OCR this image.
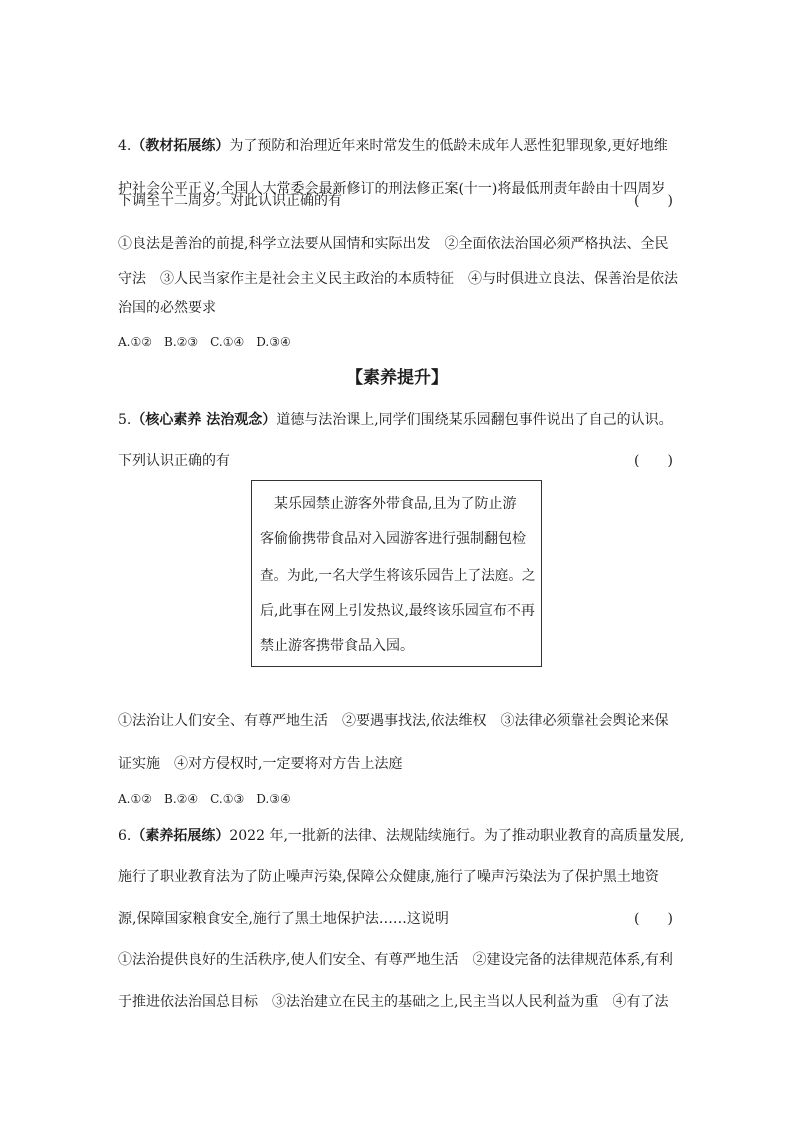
4.（教材拓展练）为了预防和治理近年来时常发生的低龄未成年人恶性犯罪现象,更好地维
护社会公平正义,全国人大常委会最新修订的刑法修正案(十一)将最低刑责年龄由十四周岁
下调至十二周岁。对此认识正确的有	(　　)
①良法是善治的前提,科学立法要从国情和实际出发　②全面依法治国必须严格执法、全民
守法　③人民当家作主是社会主义民主政治的本质特征　④与时俱进立良法、保善治是依法
治国的必然要求
A.①②　B.②③　C.①④　D.③④
【素养提升】
5.（核心素养 法治观念）道德与法治课上,同学们围绕某乐园翻包事件说出了自己的认识。
下列认识正确的有	(　　)
　某乐园禁止游客外带食品,且为了防止游
客偷偷携带食品对入园游客进行强制翻包检
查。为此,一名大学生将该乐园告上了法庭。之
后,此事在网上引发热议,最终该乐园宣布不再
禁止游客携带食品入园。
①法治让人们安全、有尊严地生活　②要遇事找法,依法维权　③法律必须靠社会舆论来保
证实施　④对方侵权时,一定要将对方告上法庭
A.①②　B.②④　C.①③　D.③④
6.（素养拓展练）2022 年,一批新的法律、法规陆续施行。为了推动职业教育的高质量发展,
施行了职业教育法为了防止噪声污染,保障公众健康,施行了噪声污染法为了保护黑土地资
源,保障国家粮食安全,施行了黑土地保护法……这说明	(　　)
①法治提供良好的生活秩序,使人们安全、有尊严地生活　②建设完备的法律规范体系,有利
于推进依法治国总目标　③法治建立在民主的基础之上,民主当以人民利益为重　④有了法
